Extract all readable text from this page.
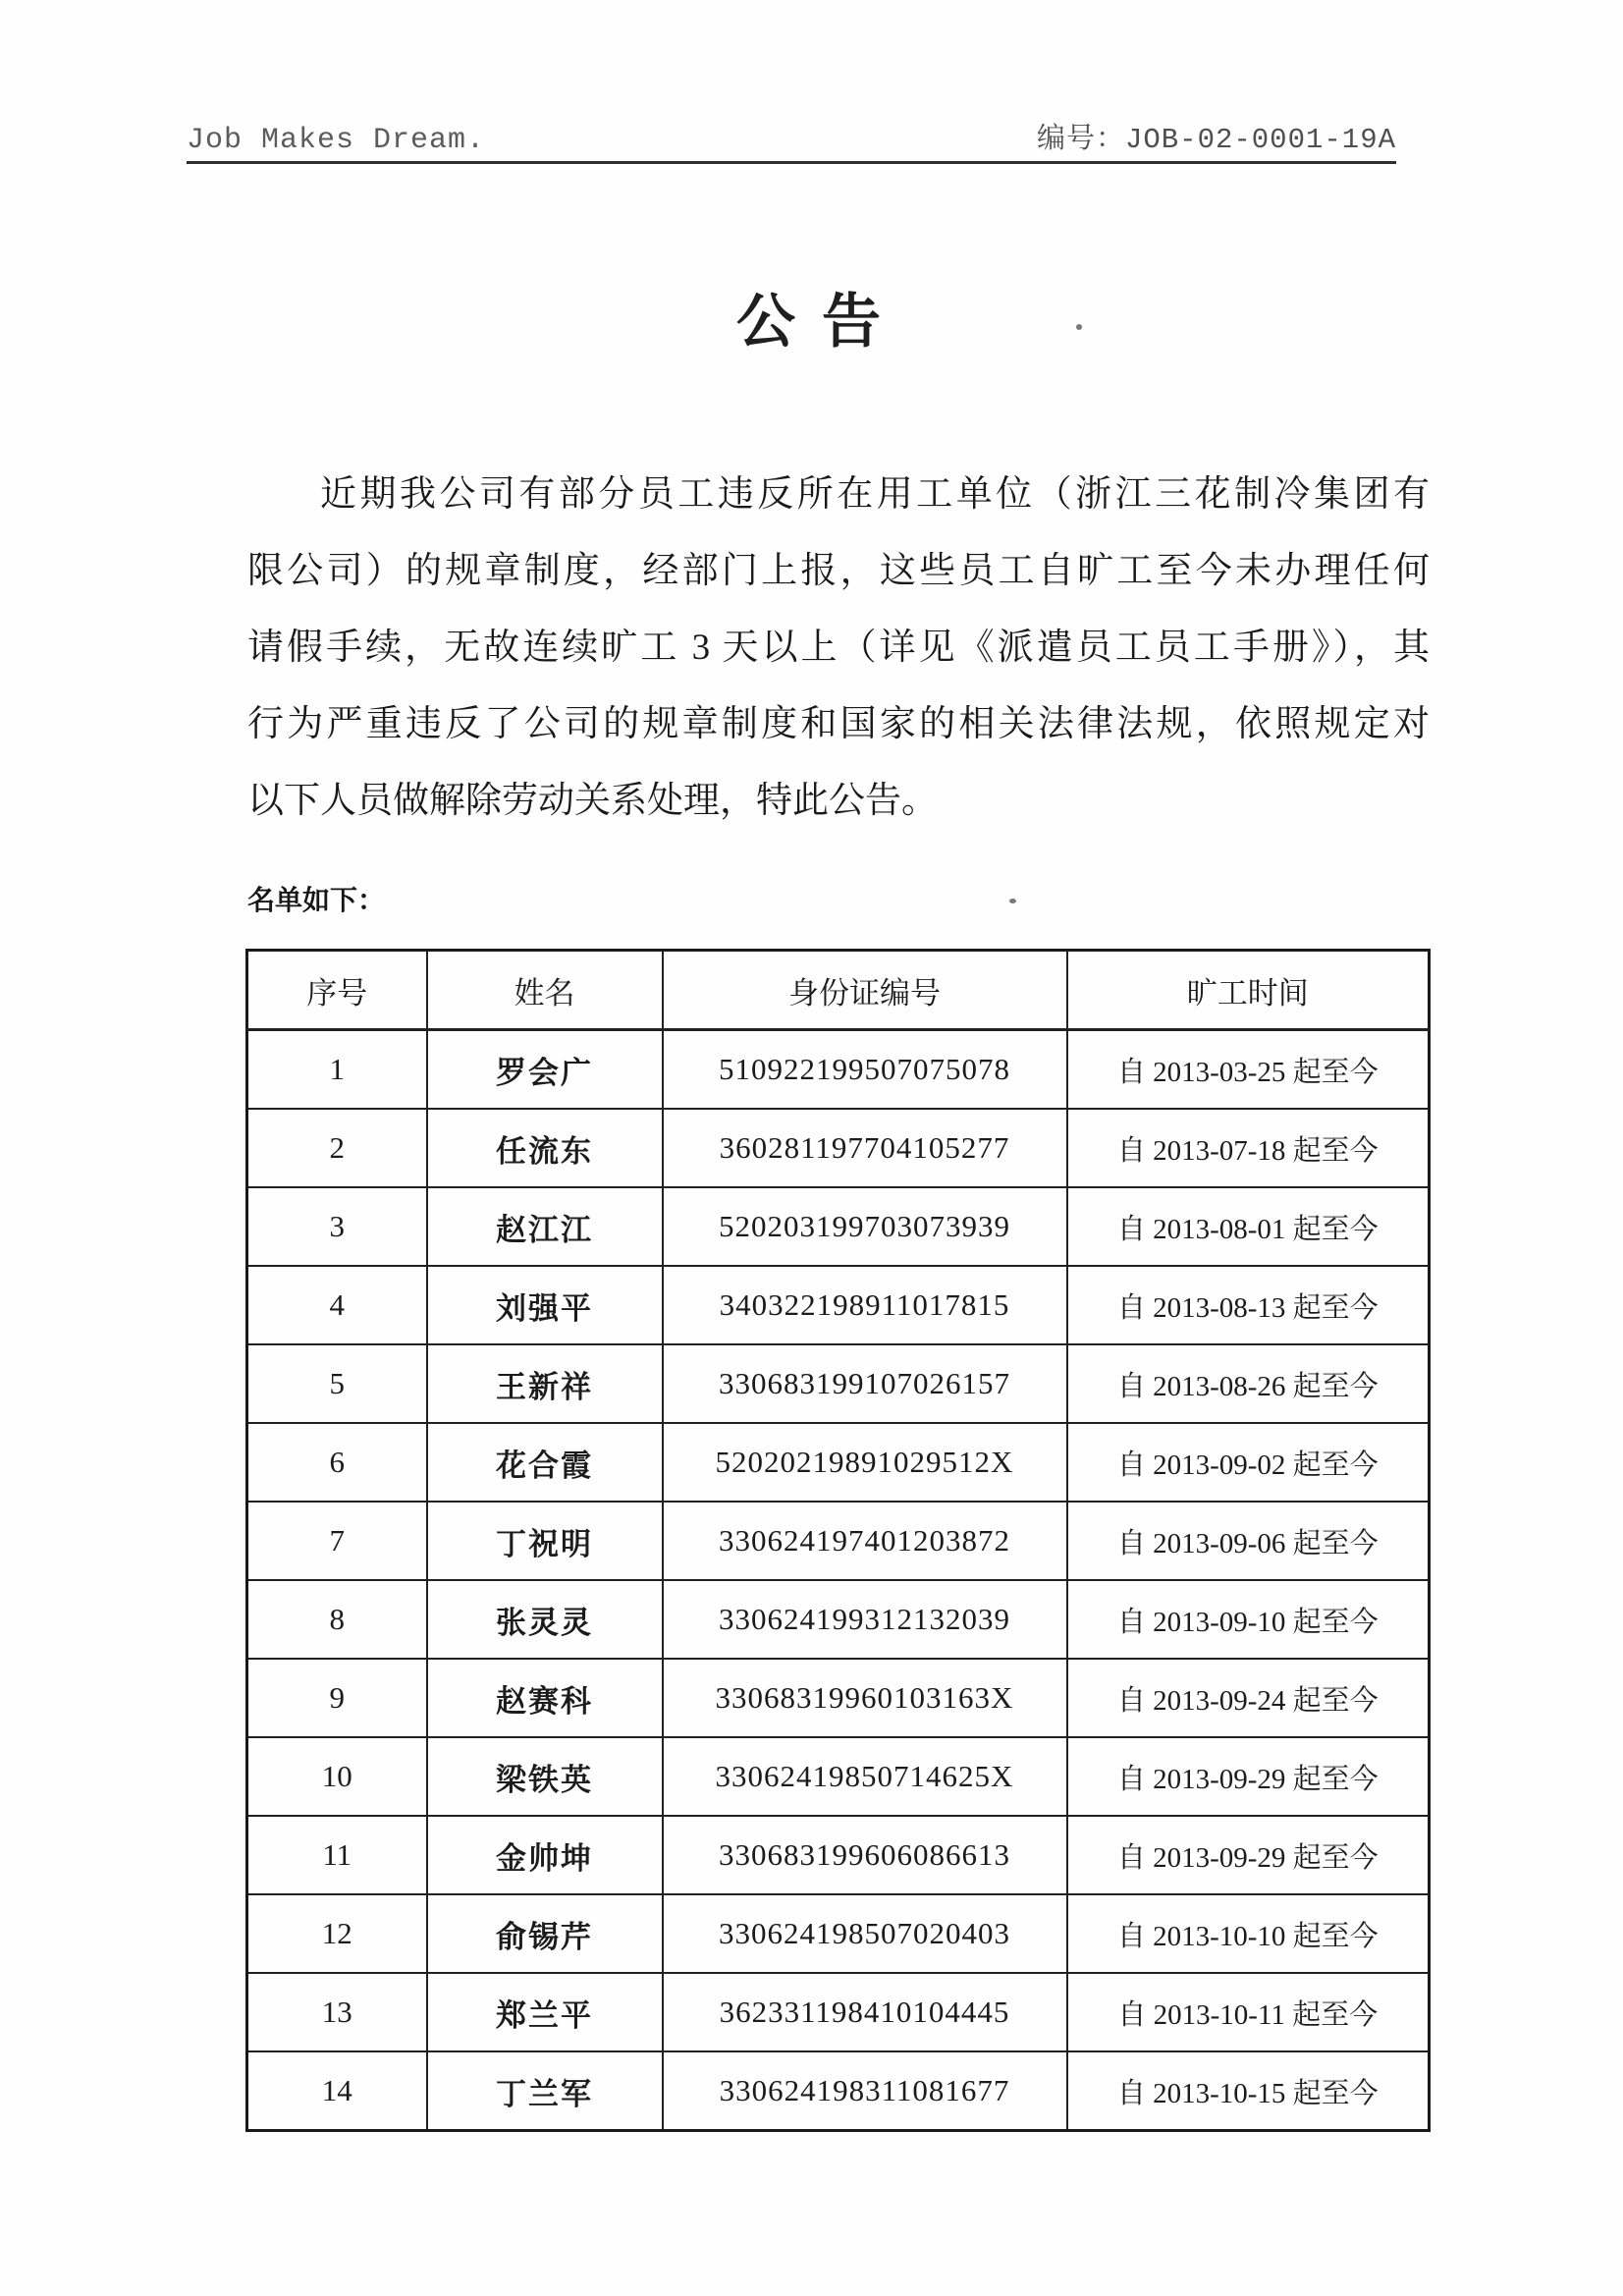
Job Makes Dream.	编号：JOB-02-0001-19A
公 告
近期我公司有部分员工违反所在用工单位（浙江三花制冷集团有
限公司）的规章制度，经部门上报，这些员工自旷工至今未办理任何
请假手续，无故连续旷工 3 天以上（详见《派遣员工员工手册》），其
行为严重违反了公司的规章制度和国家的相关法律法规，依照规定对
以下人员做解除劳动关系处理，特此公告。
名单如下：
序号	姓名	身份证编号	旷工时间
1	罗会广	510922199507075078	自 2013-03-25 起至今
2	任流东	360281197704105277	自 2013-07-18 起至今
3	赵江江	520203199703073939	自 2013-08-01 起至今
4	刘强平	340322198911017815	自 2013-08-13 起至今
5	王新祥	330683199107026157	自 2013-08-26 起至今
6	花合霞	52020219891029512X	自 2013-09-02 起至今
7	丁祝明	330624197401203872	自 2013-09-06 起至今
8	张灵灵	330624199312132039	自 2013-09-10 起至今
9	赵赛科	33068319960103163X	自 2013-09-24 起至今
10	梁铁英	33062419850714625X	自 2013-09-29 起至今
11	金帅坤	330683199606086613	自 2013-09-29 起至今
12	俞锡芹	330624198507020403	自 2013-10-10 起至今
13	郑兰平	362331198410104445	自 2013-10-11 起至今
14	丁兰军	330624198311081677	自 2013-10-15 起至今
